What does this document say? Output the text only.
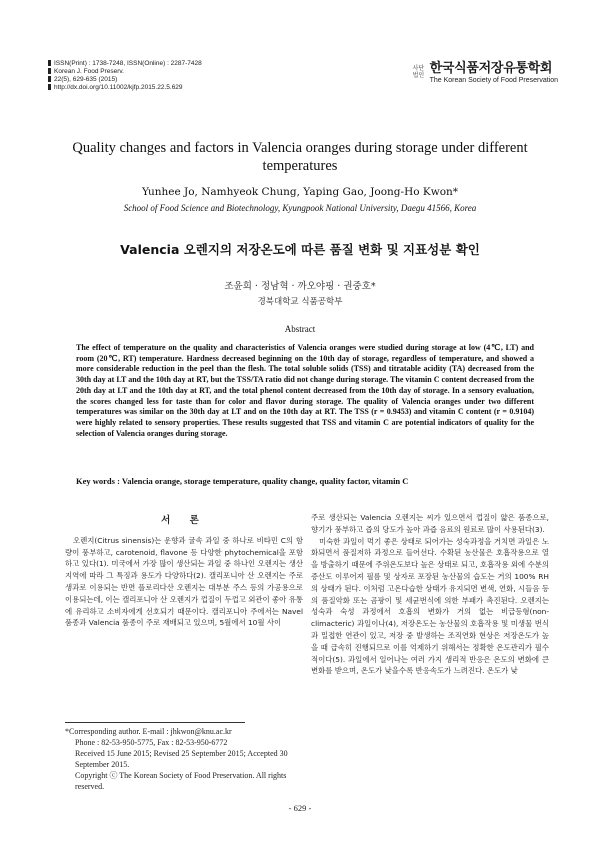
ISSN(Print) : 1738-7248, ISSN(Online) : 2287-7428
Korean J. Food Preserv.
22(5), 629-635 (2015)
http://dx.doi.org/10.11002/kjfp.2015.22.5.629
사단
법인 한국식품저장유통학회
The Korean Society of Food Preservation
Quality changes and factors in Valencia oranges during storage under different temperatures
Yunhee Jo, Namhyeok Chung, Yaping Gao, Joong-Ho Kwon*
School of Food Science and Biotechnology, Kyungpook National University, Daegu 41566, Korea
Valencia 오렌지의 저장온도에 따른 품질 변화 및 지표성분 확인
조윤희 · 정남혁 · 까오야핑 · 권중호*
경북대학교 식품공학부
Abstract
The effect of temperature on the quality and characteristics of Valencia oranges were studied during storage at low (4℃, LT) and room (20℃, RT) temperature. Hardness decreased beginning on the 10th day of storage, regardless of temperature, and showed a more considerable reduction in the peel than the flesh. The total soluble solids (TSS) and titratable acidity (TA) decreased from the 30th day at LT and the 10th day at RT, but the TSS/TA ratio did not change during storage. The vitamin C content decreased from the 20th day at LT and the 10th day at RT, and the total phenol content decreased from the 10th day of storage. In a sensory evaluation, the scores changed less for taste than for color and flavor during storage. The quality of Valencia oranges under two different temperatures was similar on the 30th day at LT and on the 10th day at RT. The TSS (r = 0.9453) and vitamin C content (r = 0.9104) were highly related to sensory properties. These results suggested that TSS and vitamin C are potential indicators of quality for the selection of Valencia oranges during storage.
Key words : Valencia orange, storage temperature, quality change, quality factor, vitamin C
서 론

오렌지(Citrus sinensis)는 운향과 귤속 과일 중 하나로 비타민 C의 함량이 풍부하고, carotenoid, flavone 등 다양한 phytochemical을 포함하고 있다(1). 미국에서 가장 많이 생산되는 과일 중 하나인 오렌지는 생산지역에 따라 그 특징과 용도가 다양하다(2). 캘리포니아 산 오렌지는 주로 생과로 이용되는 반면 플로리다산 오렌지는 대부분 주스 등의 가공용으로 이용되는데, 이는 캘리포니아 산 오렌지가 껍질이 두껍고 외관이 좋아 유통에 유리하고 소비자에게 선호되기 때문이다. 캘리포니아 주에서는 Navel 품종과 Valencia 품종이 주로 재배되고 있으며, 5월에서 10월 사이

주로 생산되는 Valencia 오렌지는 씨가 있으면서 껍질이 얇은 품종으로, 향기가 풍부하고 즙의 당도가 높아 과즙 음료의 원료로 많이 사용된다(3).

미숙한 과일이 먹기 좋은 상태로 되어가는 성숙과정을 거치면 과일은 노화되면서 품질저하 과정으로 들어선다. 수확된 농산물은 호흡작용으로 열을 방출하기 때문에 주위온도보다 높은 상태로 되고, 호흡작용 외에 수분의 증산도 이루어져 필름 및 상자로 포장된 농산물의 습도는 거의 100% RH의 상태가 된다. 이처럼 고온다습한 상태가 유지되면 변색, 연화, 시들음 등의 품질악화 또는 곰팡이 및 세균번식에 의한 부패가 촉진된다. 오렌지는 성숙과 숙성 과정에서 호흡의 변화가 거의 없는 비급등형(non-climacteric) 과일이나(4), 저장온도는 농산물의 호흡작용 및 미생물 번식과 밀접한 연관이 있고, 저장 중 발생하는 조직연화 현상은 저장온도가 높을 때 급속히 진행되므로 이를 억제하기 위해서는 정확한 온도관리가 필수적이다(5). 과일에서 일어나는 여러 가지 생리적 반응은 온도의 변화에 큰 변화를 받으며, 온도가 낮을수록 반응속도가 느려진다. 온도가 낮

*Corresponding author. E-mail : jhkwon@knu.ac.kr
Phone : 82-53-950-5775, Fax : 82-53-950-6772
Received 15 June 2015; Revised 25 September 2015; Accepted 30 September 2015.
Copyright ⓒ The Korean Society of Food Preservation. All rights reserved.
- 629 -
